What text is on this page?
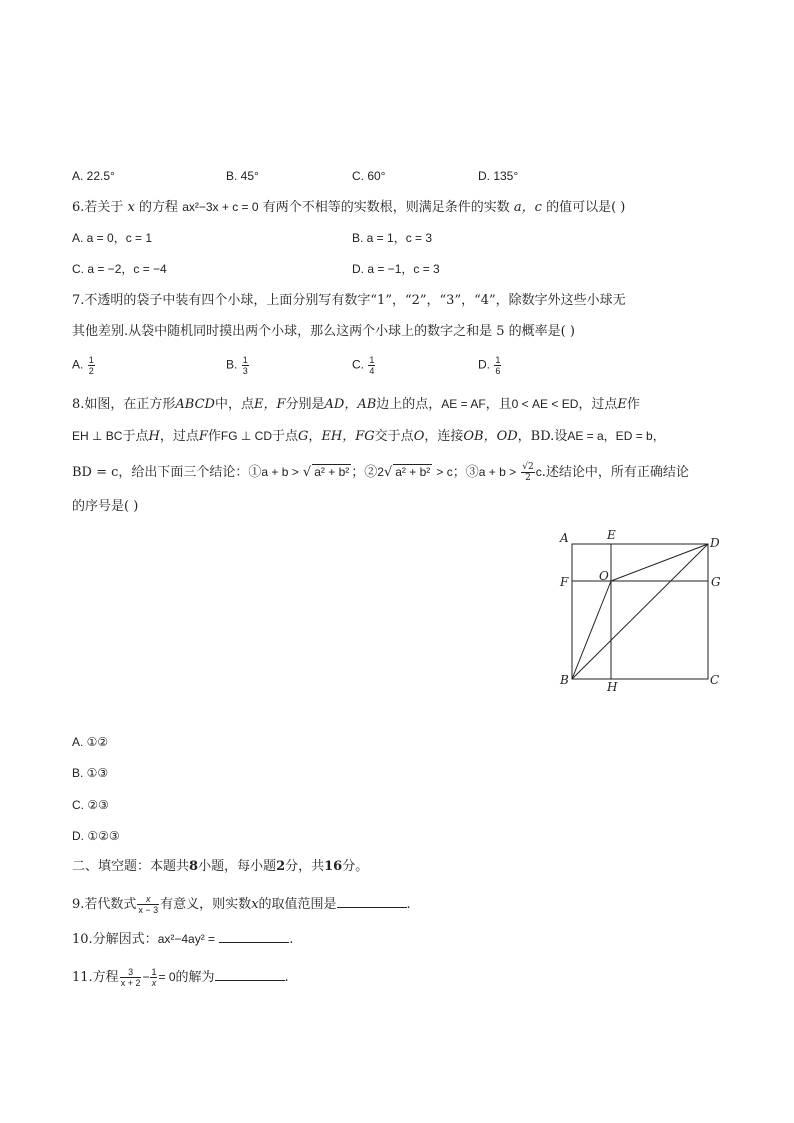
A. 22.5°	B. 45°	C. 60°	D. 135°
6.若关于 x 的方程 ax²−3x + c = 0 有两个不相等的实数根，则满足条件的实数 a，c 的值可以是( )
A. a = 0，c = 1	B. a = 1，c = 3
C. a = −2，c = −4	D. a = −1，c = 3
7.不透明的袋子中装有四个小球，上面分别写有数字“1”，“2”，“3”，“4”，除数字外这些小球无
其他差别.从袋中随机同时摸出两个小球，那么这两个小球上的数字之和是 5 的概率是( )
A. $\frac{1}{2}$	B. $\frac{1}{3}$	C. $\frac{1}{4}$	D. $\frac{1}{6}$
8.如图，在正方形ABCD中，点E，F分别是AD，AB边上的点，AE = AF，且0 < AE < ED，过点E作
EH ⊥ BC于点H，过点F作FG ⊥ CD于点G，EH，FG交于点O，连接OB，OD，BD.设AE = a，ED = b，
BD = c，给出下面三个结论：①a + b > √ a² + b² ；②2√ a² + b² > c；③a + $b > \frac{√2}{2} c$.述结论中，所有正确结论
的序号是( )
A	E
D
F	O	G
B	H	C
A. ①②
B. ①③
C. ②③
D. ①②③
二、填空题：本题共8小题，每小题2分，共16分。
9.若代数式 $\frac{x}{x - 3}$ 有意义，则实数x的取值范围是	.
10.分解因式：ax²−4ay² =	.
11.方程 $\frac{3}{x + 2} - \frac{1}{x} = 0$的解为	.
